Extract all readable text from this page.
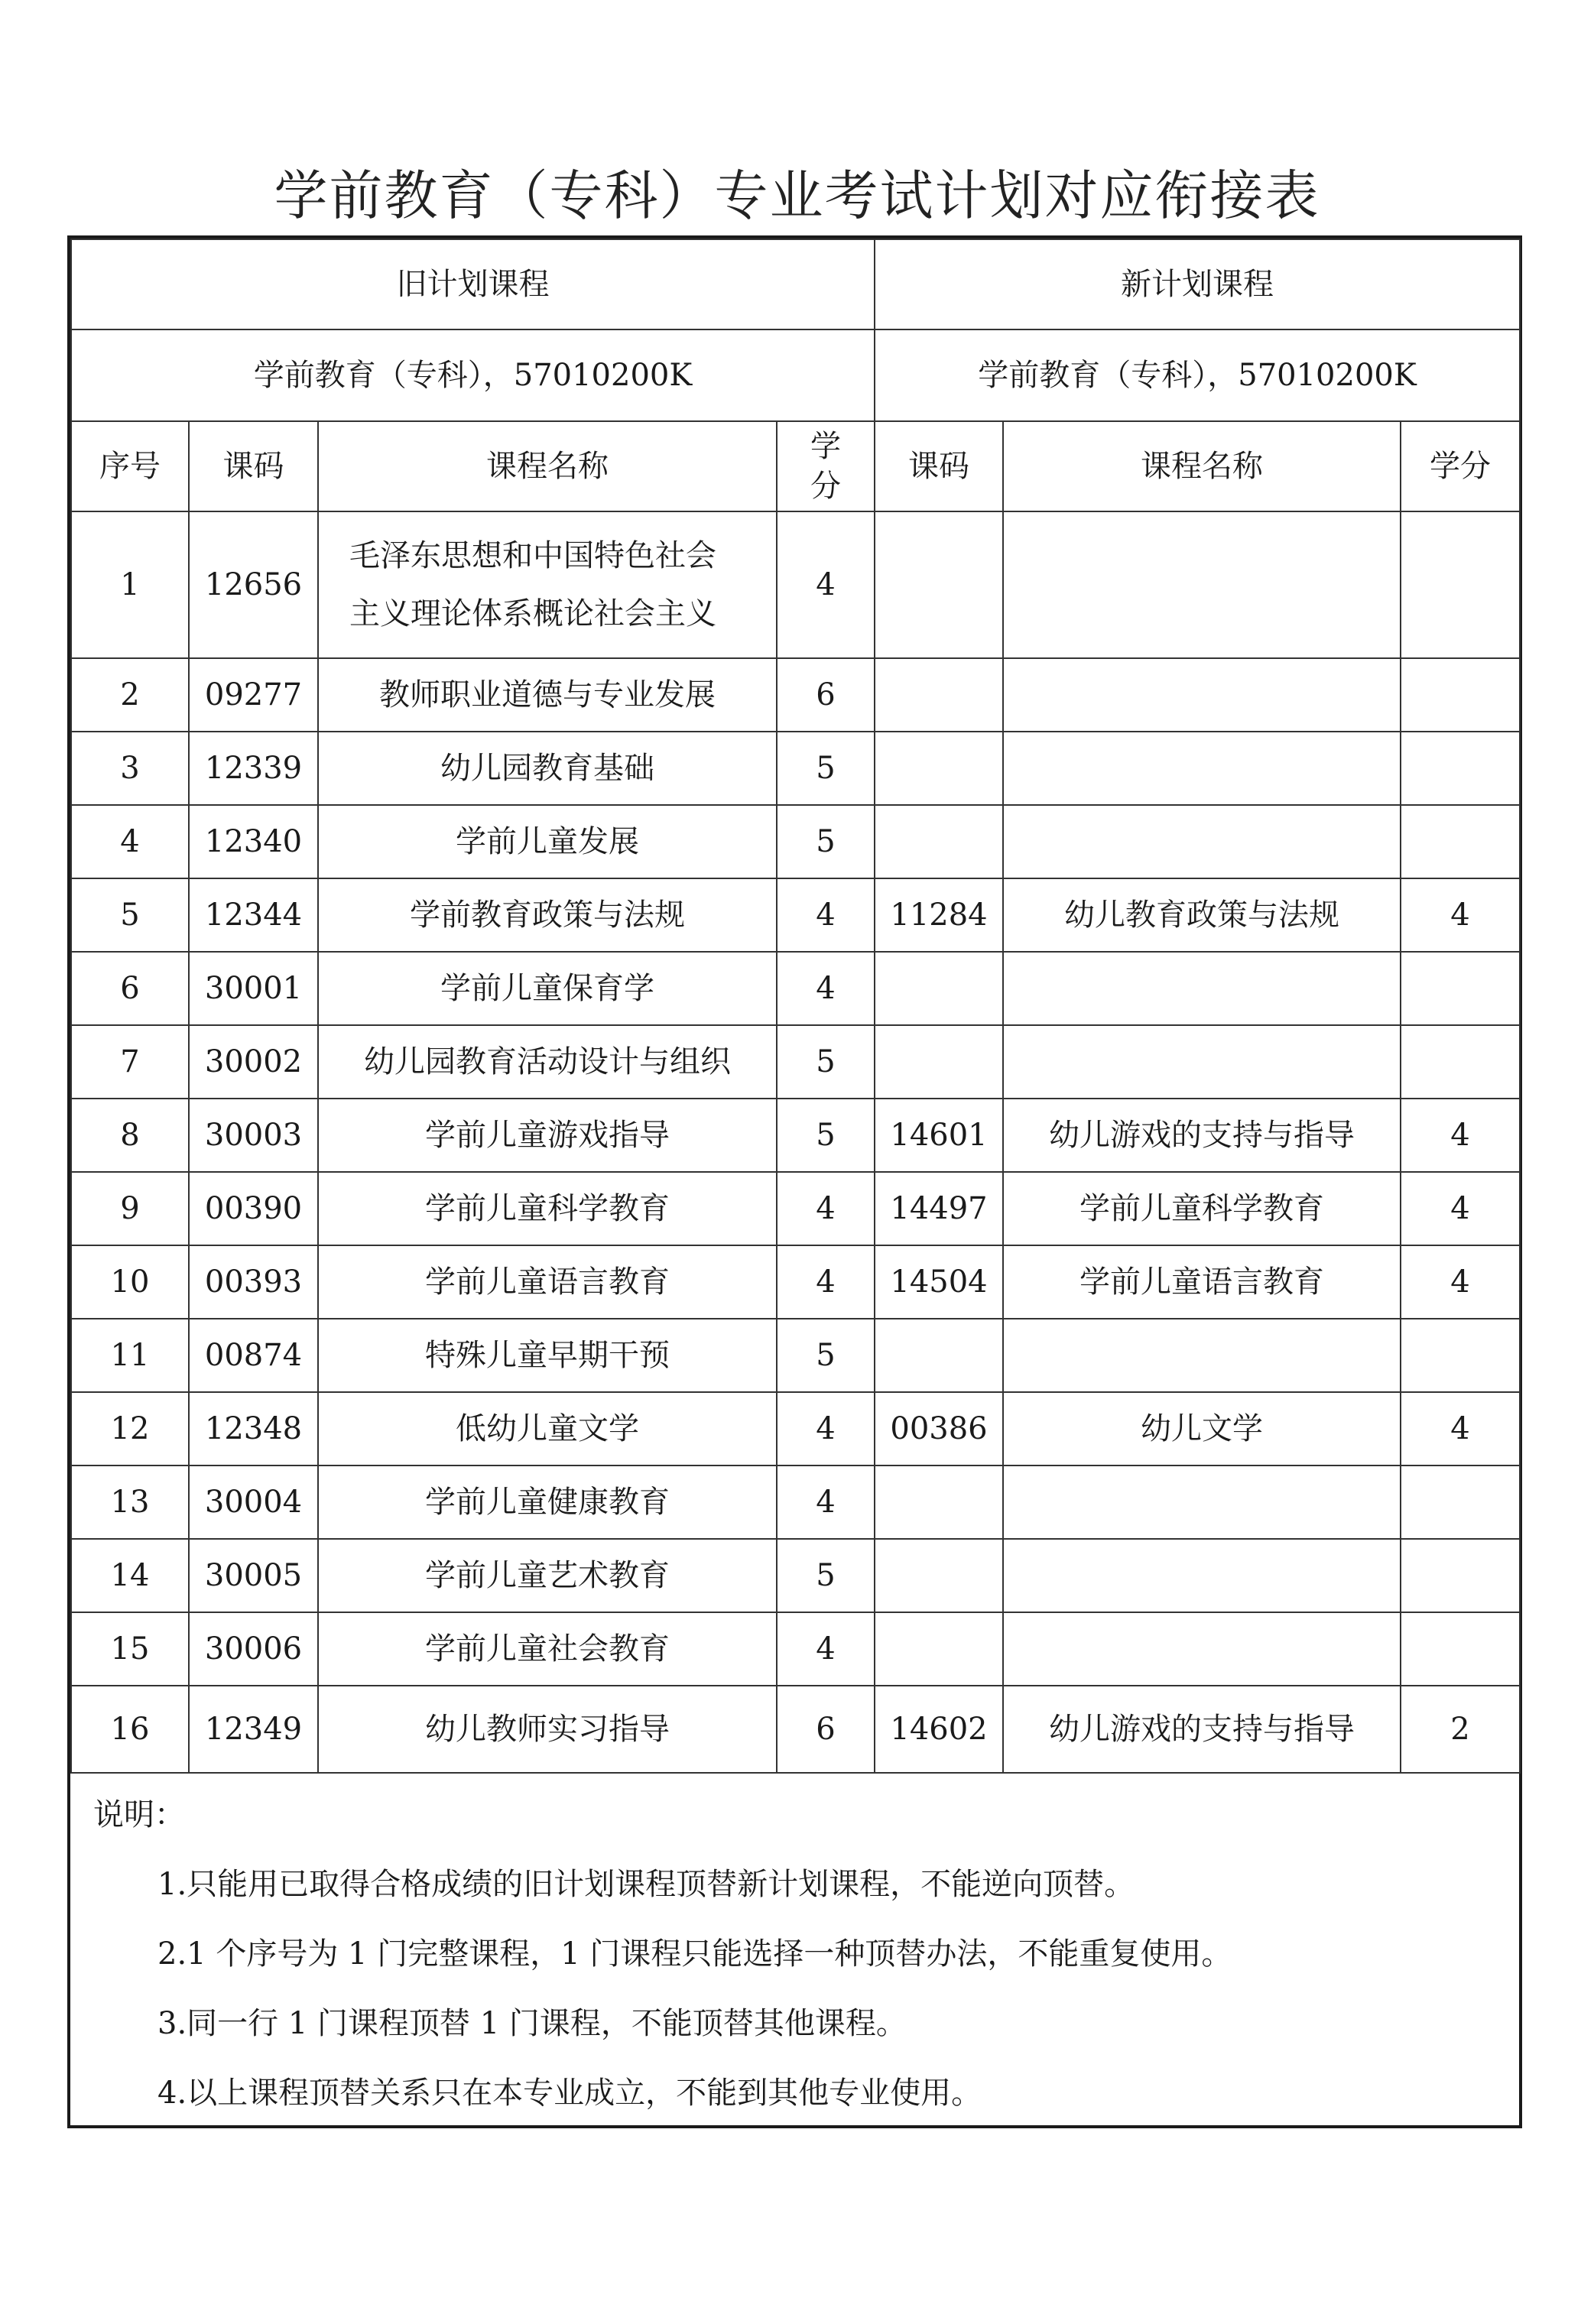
学前教育（专科）专业考试计划对应衔接表
旧计划课程				新计划课程		
学前教育（专科），57010200K				学前教育（专科），57010200K		
序号	课码	课程名称	学分	课码	课程名称	学分
1	12656	毛泽东思想和中国特色社会主义理论体系概论社会主义	4			
2	09277	教师职业道德与专业发展	6			
3	12339	幼儿园教育基础	5			
4	12340	学前儿童发展	5			
5	12344	学前教育政策与法规	4	11284	幼儿教育政策与法规	4
6	30001	学前儿童保育学	4			
7	30002	幼儿园教育活动设计与组织	5			
8	30003	学前儿童游戏指导	5	14601	幼儿游戏的支持与指导	4
9	00390	学前儿童科学教育	4	14497	学前儿童科学教育	4
10	00393	学前儿童语言教育	4	14504	学前儿童语言教育	4
11	00874	特殊儿童早期干预	5			
12	12348	低幼儿童文学	4	00386	幼儿文学	4
13	30004	学前儿童健康教育	4			
14	30005	学前儿童艺术教育	5			
15	30006	学前儿童社会教育	4			
16	12349	幼儿教师实习指导	6	14602	幼儿游戏的支持与指导	2
说明：

1.只能用已取得合格成绩的旧计划课程顶替新计划课程，不能逆向顶替。

2.1 个序号为 1 门完整课程，1 门课程只能选择一种顶替办法，不能重复使用。

3.同一行 1 门课程顶替 1 门课程，不能顶替其他课程。

4.以上课程顶替关系只在本专业成立，不能到其他专业使用。
